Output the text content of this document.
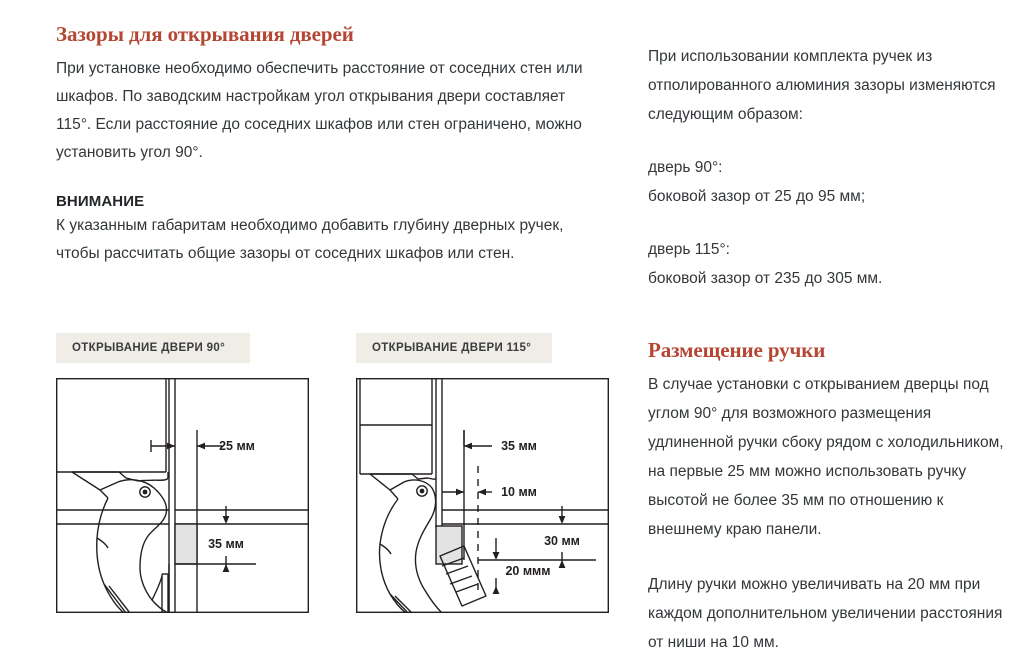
Зазоры для открывания дверей

При установке необходимо обеспечить расстояние от соседних стен или шкафов. По заводским настройкам угол открывания двери составляет 115°. Если расстояние до соседних шкафов или стен ограничено, можно установить угол 90°.

ВНИМАНИЕ

К указанным габаритам необходимо добавить глубину дверных ручек, чтобы рассчитать общие зазоры от соседних шкафов или стен.

При использовании комплекта ручек из отполированного алюминия зазоры изменяются следующим образом:
дверь 90°:
боковой зазор от 25 до 95 мм;
дверь 115°:
боковой зазор от 235 до 305 мм.
Размещение ручки

В случае установки с открыванием дверцы под углом 90° для возможного размещения удлиненной ручки сбоку рядом с холодильником, на первые 25 мм можно использовать ручку высотой не более 35 мм по отношению к внешнему краю панели.

Длину ручки можно увеличивать на 20 мм при каждом дополнительном увеличении расстояния от ниши на 10 мм.

ОТКРЫВАНИЕ ДВЕРИ 90°	ОТКРЫВАНИЕ ДВЕРИ 115°
25 мм
35 мм
35 мм
10 мм
30 мм
20 ммм
